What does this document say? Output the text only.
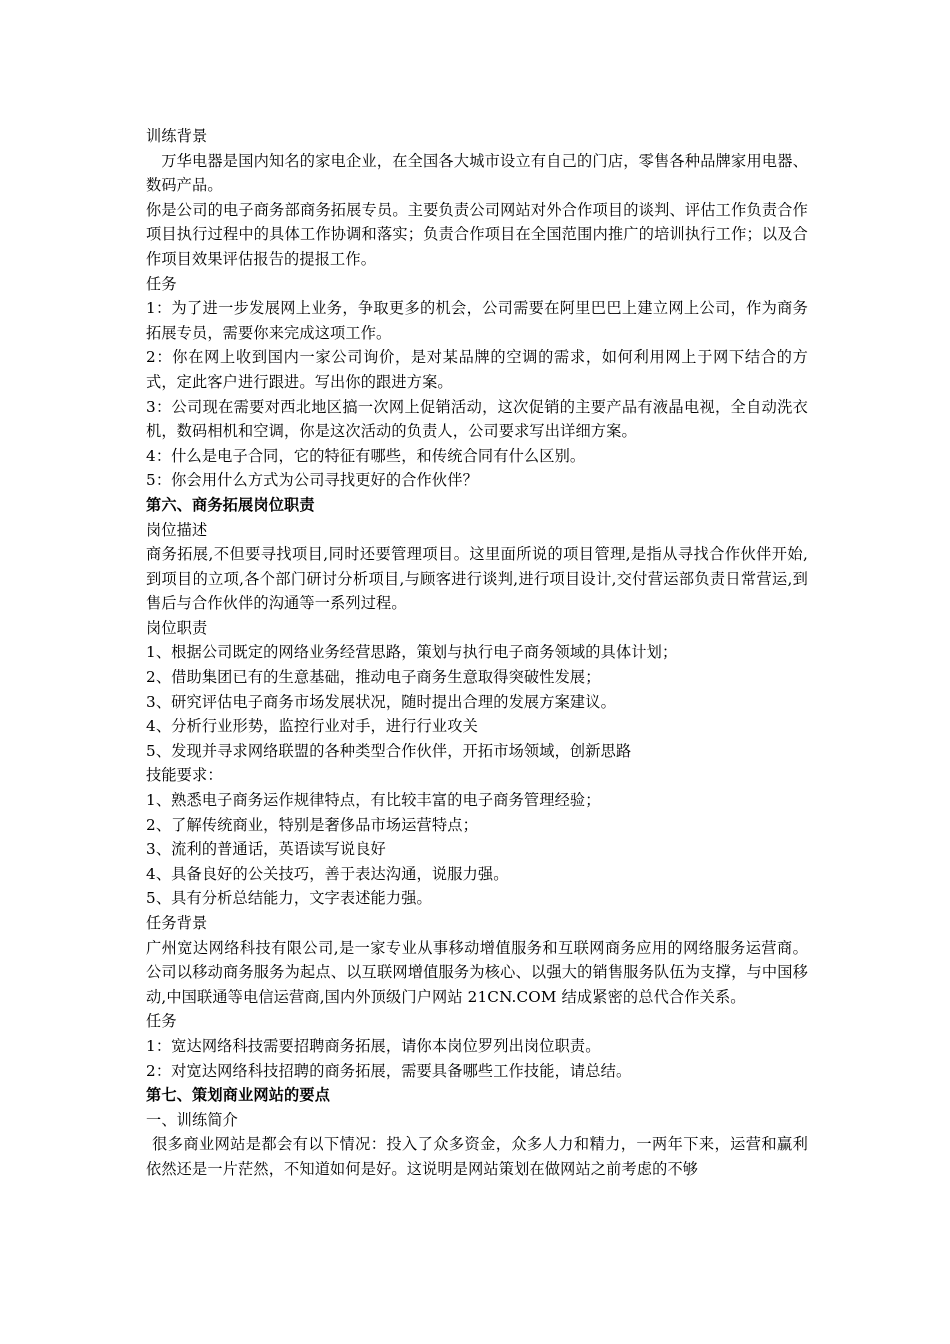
训练背景

万华电器是国内知名的家电企业，在全国各大城市设立有自己的门店，零售各种品牌家用电器、数码产品。

你是公司的电子商务部商务拓展专员。主要负责公司网站对外合作项目的谈判、评估工作负责合作项目执行过程中的具体工作协调和落实；负责合作项目在全国范围内推广的培训执行工作；以及合作项目效果评估报告的提报工作。

任务

1：为了进一步发展网上业务，争取更多的机会，公司需要在阿里巴巴上建立网上公司，作为商务拓展专员，需要你来完成这项工作。

2：你在网上收到国内一家公司询价，是对某品牌的空调的需求，如何利用网上于网下结合的方式，定此客户进行跟进。写出你的跟进方案。

3：公司现在需要对西北地区搞一次网上促销活动，这次促销的主要产品有液晶电视，全自动洗衣机，数码相机和空调，你是这次活动的负责人，公司要求写出详细方案。

4：什么是电子合同，它的特征有哪些，和传统合同有什么区别。

5：你会用什么方式为公司寻找更好的合作伙伴？

第六、商务拓展岗位职责

岗位描述

商务拓展,不但要寻找项目,同时还要管理项目。这里面所说的项目管理,是指从寻找合作伙伴开始,到项目的立项,各个部门研讨分析项目,与顾客进行谈判,进行项目设计,交付营运部负责日常营运,到售后与合作伙伴的沟通等一系列过程。

岗位职责

1、根据公司既定的网络业务经营思路，策划与执行电子商务领域的具体计划；

2、借助集团已有的生意基础，推动电子商务生意取得突破性发展；

3、研究评估电子商务市场发展状况，随时提出合理的发展方案建议。

4、分析行业形势，监控行业对手，进行行业攻关

5、发现并寻求网络联盟的各种类型合作伙伴，开拓市场领域，创新思路

技能要求：

1、熟悉电子商务运作规律特点，有比较丰富的电子商务管理经验；

2、了解传统商业，特别是奢侈品市场运营特点；

3、流利的普通话，英语读写说良好

4、具备良好的公关技巧，善于表达沟通，说服力强。

5、具有分析总结能力，文字表述能力强。

任务背景

广州宽达网络科技有限公司,是一家专业从事移动增值服务和互联网商务应用的网络服务运营商。公司以移动商务服务为起点、以互联网增值服务为核心、以强大的销售服务队伍为支撑，与中国移动,中国联通等电信运营商,国内外顶级门户网站 21CN.COM 结成紧密的总代合作关系。

任务

1：宽达网络科技需要招聘商务拓展，请你本岗位罗列出岗位职责。

2：对宽达网络科技招聘的商务拓展，需要具备哪些工作技能，请总结。

第七、策划商业网站的要点

一、训练简介

很多商业网站是都会有以下情况：投入了众多资金，众多人力和精力，一两年下来，运营和赢利依然还是一片茫然，不知道如何是好。这说明是网站策划在做网站之前考虑的不够
